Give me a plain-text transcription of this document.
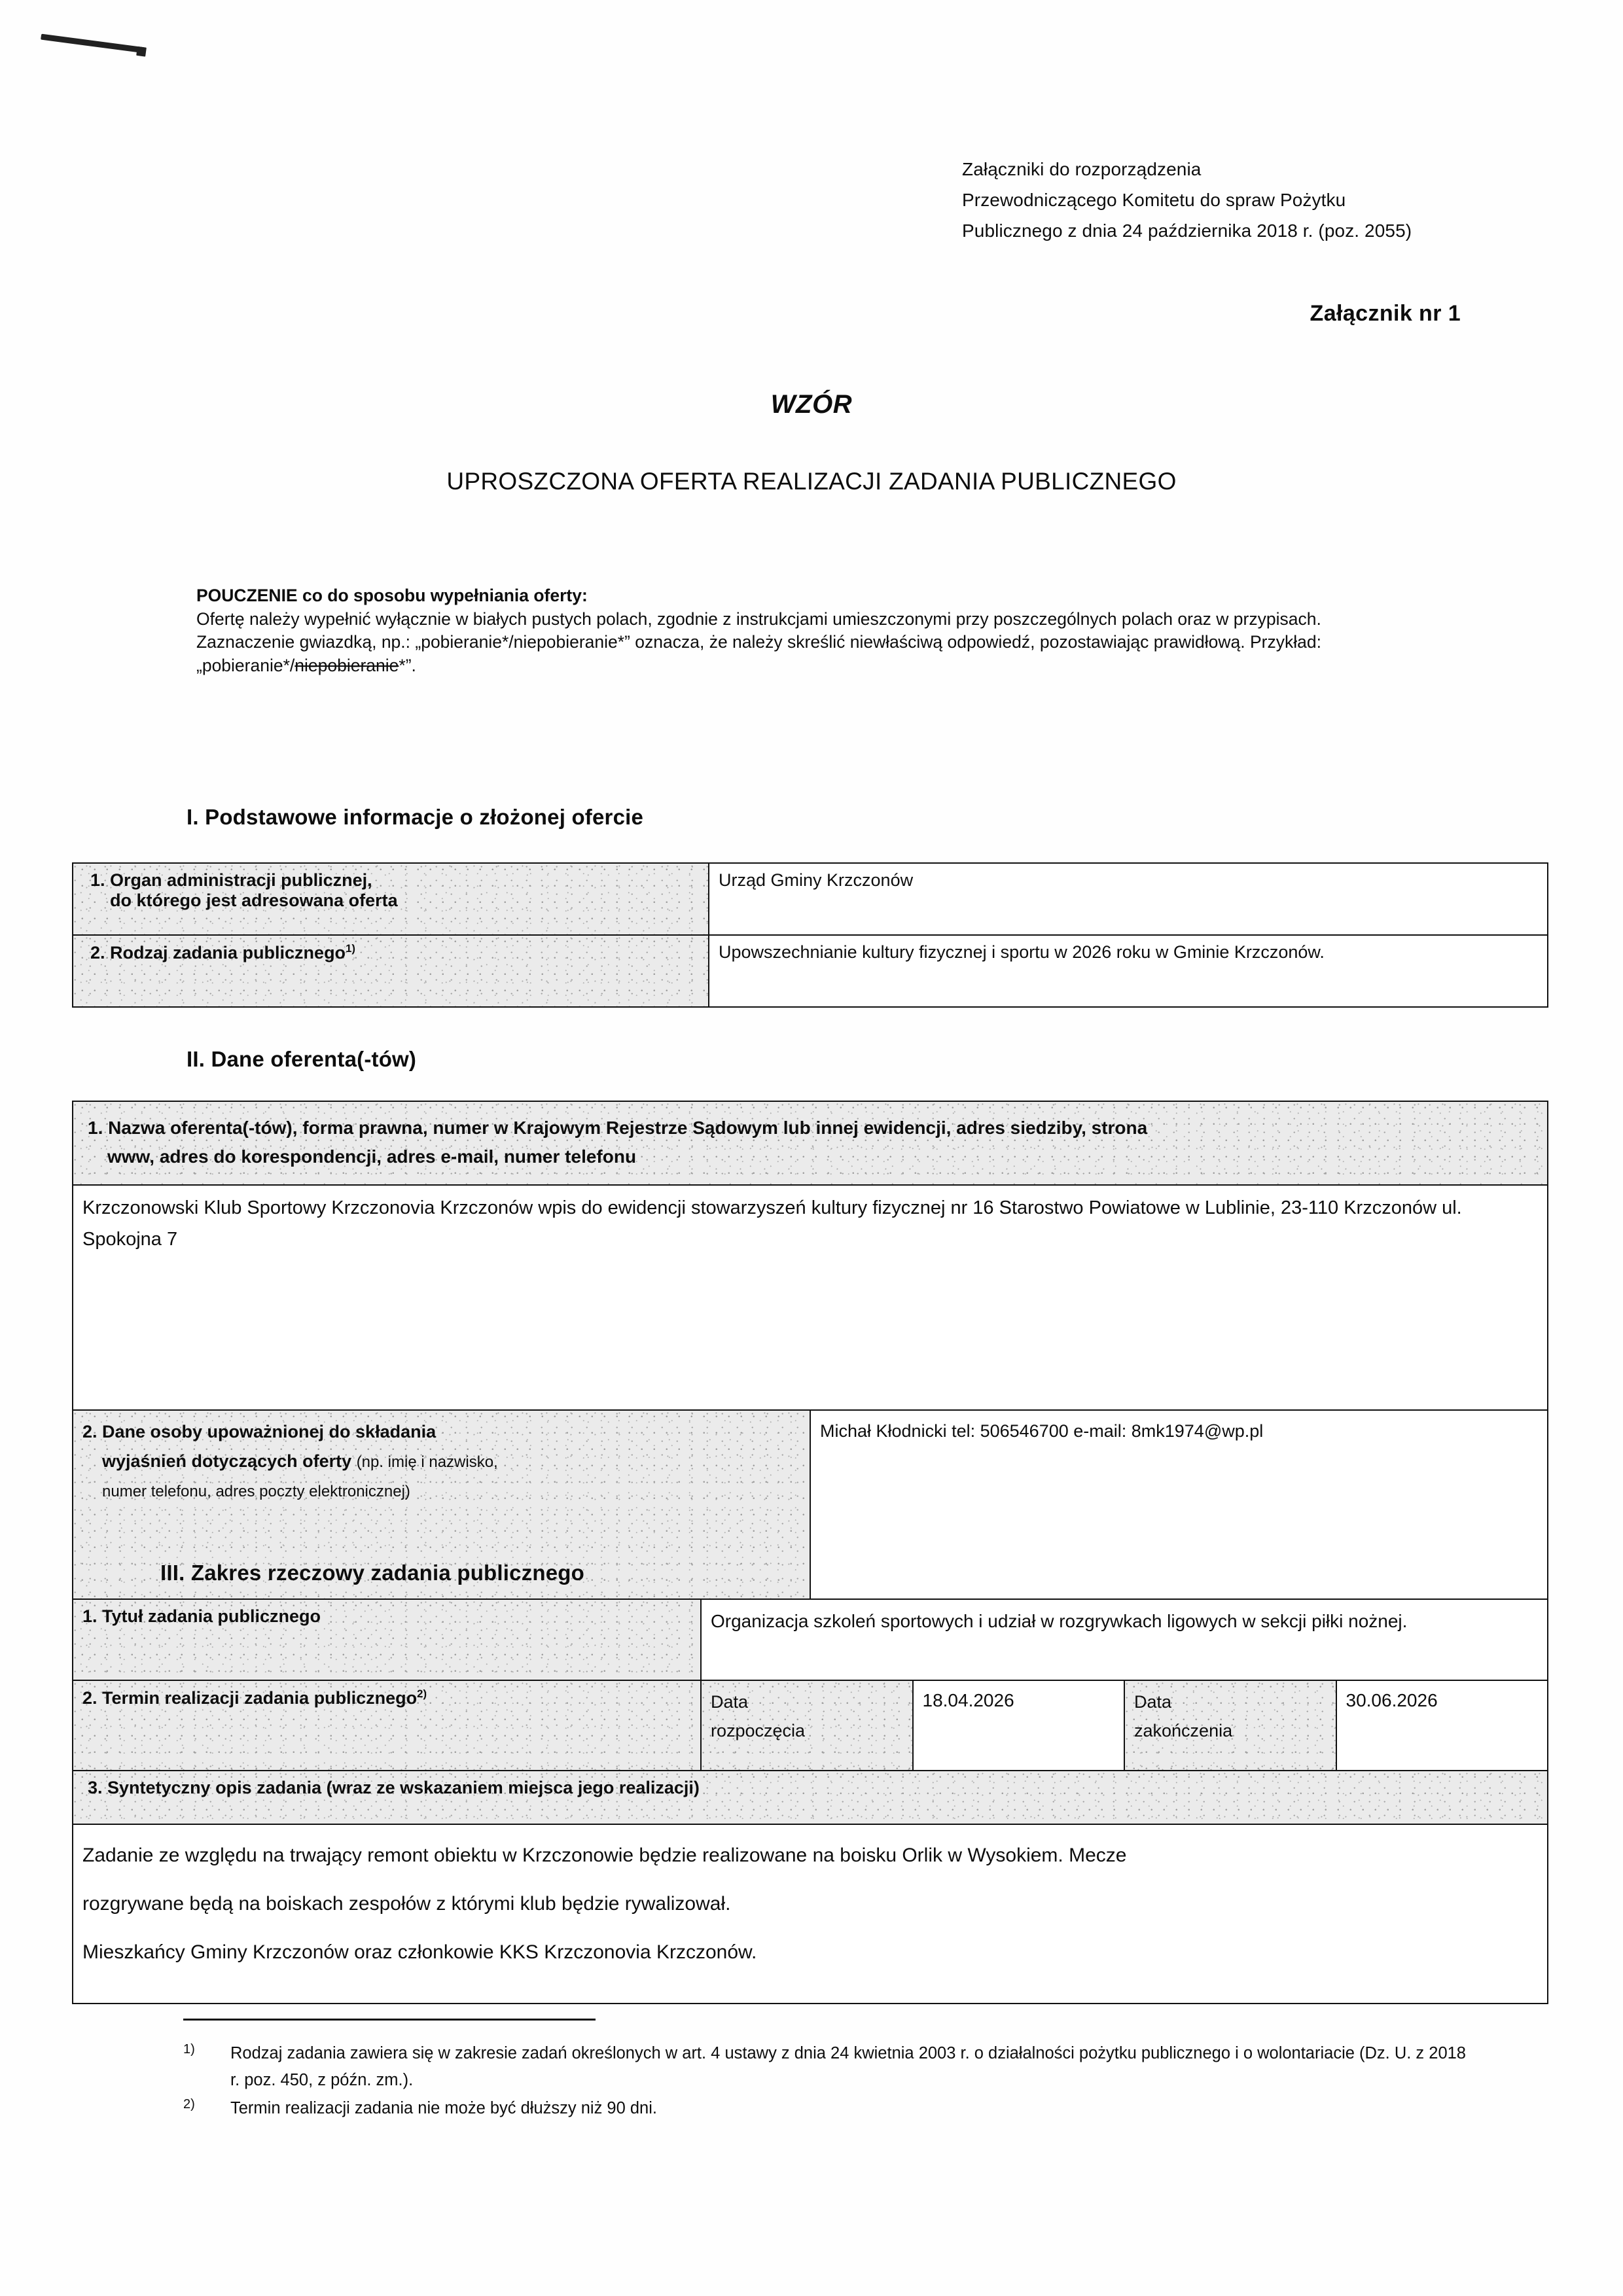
Załączniki do rozporządzenia
Przewodniczącego Komitetu do spraw Pożytku
Publicznego z dnia 24 października 2018 r. (poz. 2055)
Załącznik nr 1
WZÓR
UPROSZCZONA OFERTA REALIZACJI ZADANIA PUBLICZNEGO
POUCZENIE co do sposobu wypełniania oferty:
Ofertę należy wypełnić wyłącznie w białych pustych polach, zgodnie z instrukcjami umieszczonymi przy poszczególnych polach oraz w przypisach.
Zaznaczenie gwiazdką, np.: „pobieranie*/niepobieranie*” oznacza, że należy skreślić niewłaściwą odpowiedź, pozostawiając prawidłową. Przykład: „pobieranie*/niepobieranie*”.
I. Podstawowe informacje o złożonej ofercie
1. Organ administracji publicznej,
do którego jest adresowana oferta	Urząd Gminy Krzczonów
2. Rodzaj zadania publicznego$^{1)}$	Upowszechnianie kultury fizycznej i sportu w 2026 roku w Gminie Krzczonów.
II. Dane oferenta(-tów)
1. Nazwa oferenta(-tów), forma prawna, numer w Krajowym Rejestrze Sądowym lub innej ewidencji, adres siedziby, strona
www, adres do korespondencji, adres e-mail, numer telefonu

Krzczonowski Klub Sportowy Krzczonovia Krzczonów wpis do ewidencji stowarzyszeń kultury fizycznej nr 16 Starostwo Powiatowe w Lublinie, 23-110 Krzczonów ul. Spokojna 7
2. Dane osoby upoważnionej do składania
wyjaśnień dotyczących oferty (np. imię i nazwisko,
numer telefonu, adres poczty elektronicznej)
	Michał Kłodnicki tel: 506546700 e-mail: 8mk1974@wp.pl
III. Zakres rzeczowy zadania publicznego
1. Tytuł zadania publicznego	Organizacja szkoleń sportowych i udział w rozgrywkach ligowych w sekcji piłki nożnej.			
2. Termin realizacji zadania publicznego$^{2)}$	Data
rozpoczęcia	18.04.2026	Data
zakończenia	30.06.2026
3. Syntetyczny opis zadania (wraz ze wskazaniem miejsca jego realizacji)				

Zadanie ze względu na trwający remont obiektu w Krzczonowie będzie realizowane na boisku Orlik w Wysokiem. Mecze
rozgrywane będą na boiskach zespołów z którymi klub będzie rywalizował.
Mieszkańcy Gminy Krzczonów oraz członkowie KKS Krzczonovia Krzczonów.				
1) Rodzaj zadania zawiera się w zakresie zadań określonych w art. 4 ustawy z dnia 24 kwietnia 2003 r. o działalności pożytku publicznego i o wolontariacie (Dz. U. z 2018 r. poz. 450, z późn. zm.).
2) Termin realizacji zadania nie może być dłuższy niż 90 dni.
